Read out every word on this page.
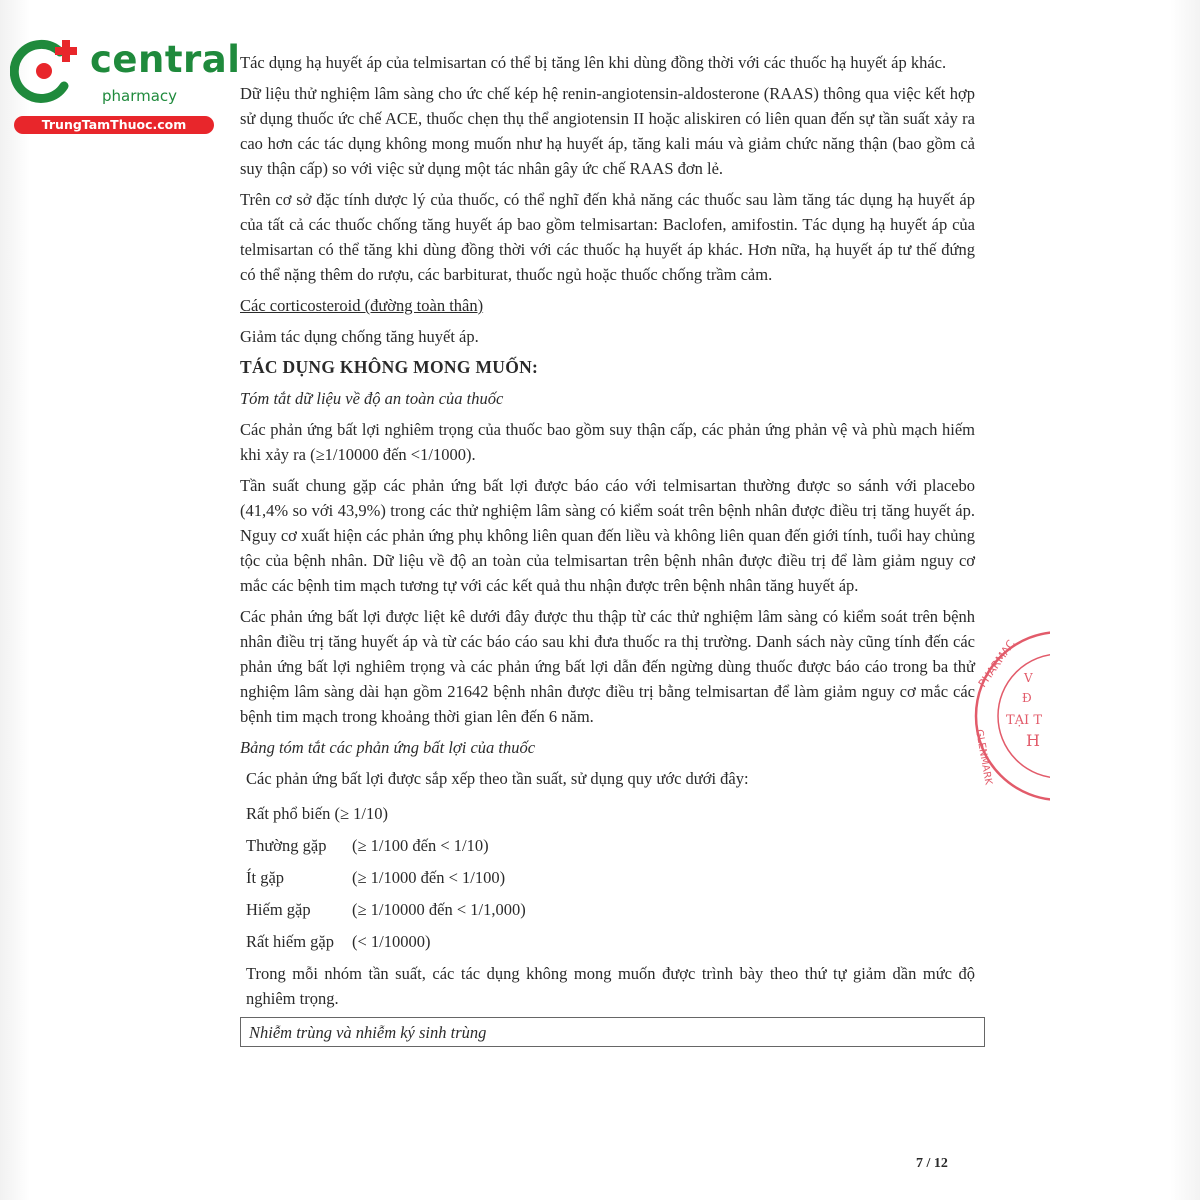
central
pharmacy
TrungTamThuoc.com

Tác dụng hạ huyết áp của telmisartan có thể bị tăng lên khi dùng đồng thời với các thuốc hạ huyết áp khác.

Dữ liệu thử nghiệm lâm sàng cho ức chế kép hệ renin-angiotensin-aldosterone (RAAS) thông qua việc kết hợp sử dụng thuốc ức chế ACE, thuốc chẹn thụ thể angiotensin II hoặc aliskiren có liên quan đến sự tần suất xảy ra cao hơn các tác dụng không mong muốn như hạ huyết áp, tăng kali máu và giảm chức năng thận (bao gồm cả suy thận cấp) so với việc sử dụng một tác nhân gây ức chế RAAS đơn lẻ.

Trên cơ sở đặc tính dược lý của thuốc, có thể nghĩ đến khả năng các thuốc sau làm tăng tác dụng hạ huyết áp của tất cả các thuốc chống tăng huyết áp bao gồm telmisartan: Baclofen, amifostin. Tác dụng hạ huyết áp của telmisartan có thể tăng khi dùng đồng thời với các thuốc hạ huyết áp khác. Hơn nữa, hạ huyết áp tư thế đứng có thể nặng thêm do rượu, các barbiturat, thuốc ngủ hoặc thuốc chống trầm cảm.

Các corticosteroid (đường toàn thân)

Giảm tác dụng chống tăng huyết áp.

TÁC DỤNG KHÔNG MONG MUỐN:

Tóm tắt dữ liệu về độ an toàn của thuốc

Các phản ứng bất lợi nghiêm trọng của thuốc bao gồm suy thận cấp, các phản ứng phản vệ và phù mạch hiếm khi xảy ra (≥1/10000 đến <1/1000).

Tần suất chung gặp các phản ứng bất lợi được báo cáo với telmisartan thường được so sánh với placebo (41,4% so với 43,9%) trong các thử nghiệm lâm sàng có kiểm soát trên bệnh nhân được điều trị tăng huyết áp. Nguy cơ xuất hiện các phản ứng phụ không liên quan đến liều và không liên quan đến giới tính, tuổi hay chủng tộc của bệnh nhân. Dữ liệu về độ an toàn của telmisartan trên bệnh nhân được điều trị để làm giảm nguy cơ mắc các bệnh tim mạch tương tự với các kết quả thu nhận được trên bệnh nhân tăng huyết áp.

Các phản ứng bất lợi được liệt kê dưới đây được thu thập từ các thử nghiệm lâm sàng có kiểm soát trên bệnh nhân điều trị tăng huyết áp và từ các báo cáo sau khi đưa thuốc ra thị trường. Danh sách này cũng tính đến các phản ứng bất lợi nghiêm trọng và các phản ứng bất lợi dẫn đến ngừng dùng thuốc được báo cáo trong ba thử nghiệm lâm sàng dài hạn gồm 21642 bệnh nhân được điều trị bằng telmisartan để làm giảm nguy cơ mắc các bệnh tim mạch trong khoảng thời gian lên đến 6 năm.

Bảng tóm tắt các phản ứng bất lợi của thuốc

Các phản ứng bất lợi được sắp xếp theo tần suất, sử dụng quy ước dưới đây:

Rất phổ biến (≥ 1/10)
Thường gặp	(≥ 1/100 đến < 1/10)
Ít gặp	(≥ 1/1000 đến < 1/100)
Hiếm gặp	(≥ 1/10000 đến < 1/1,000)
Rất hiếm gặp	(< 1/10000)

Trong mỗi nhóm tần suất, các tác dụng không mong muốn được trình bày theo thứ tự giảm dần mức độ nghiêm trọng.

Nhiễm trùng và nhiễm ký sinh trùng
PHARMAC V
Đ
TẠI T
H
GLENMARK
7 / 12
